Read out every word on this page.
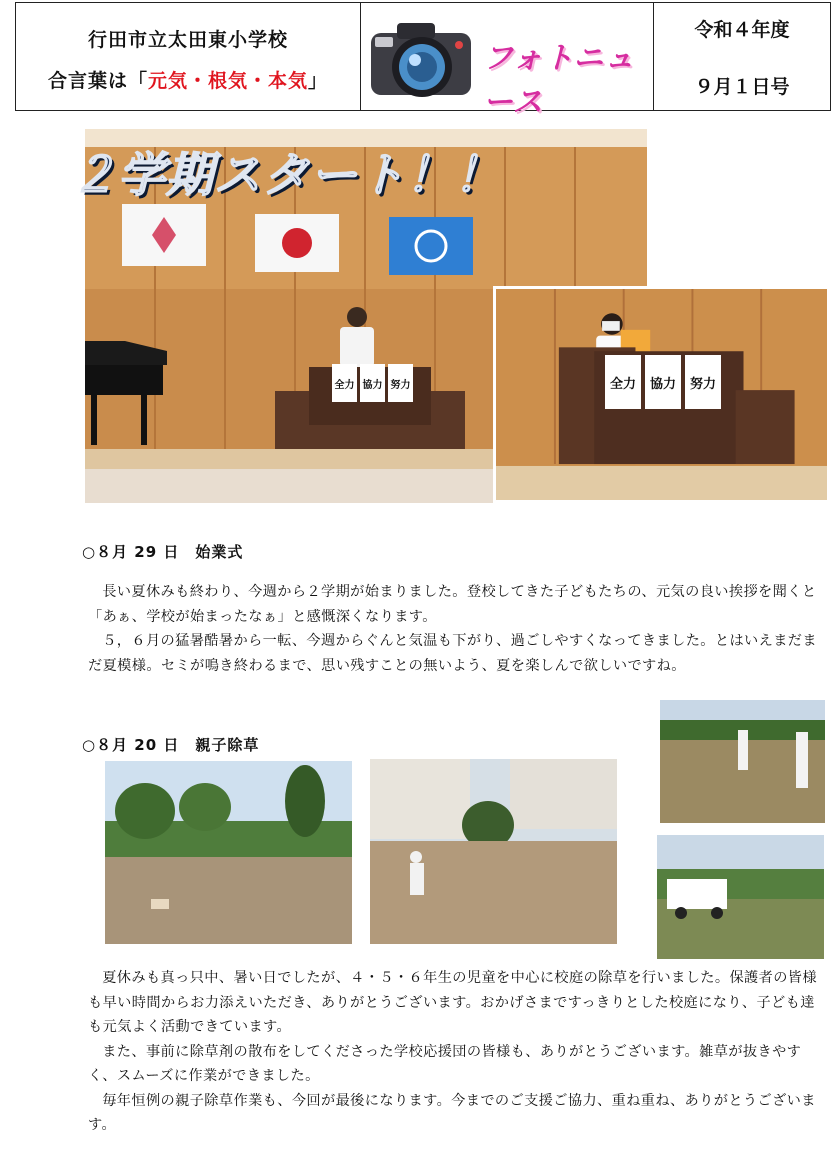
行田市立太田東小学校
合言葉は「元気・根気・本気」
フォトニュース
令和４年度
９月１日号
全力 協力 努力
２学期スタート！！
全力	協力	努力
○８月 29 日　始業式

長い夏休みも終わり、今週から２学期が始まりました。登校してきた子どもたちの、元気の良い挨拶を聞くと「あぁ、学校が始まったなぁ」と感慨深くなります。

５，６月の猛暑酷暑から一転、今週からぐんと気温も下がり、過ごしやすくなってきました。とはいえまだまだ夏模様。セミが鳴き終わるまで、思い残すことの無いよう、夏を楽しんで欲しいですね。

○８月 20 日　親子除草

夏休みも真っ只中、暑い日でしたが、４・５・６年生の児童を中心に校庭の除草を行いました。保護者の皆様も早い時間からお力添えいただき、ありがとうございます。おかげさまですっきりとした校庭になり、子ども達も元気よく活動できています。

また、事前に除草剤の散布をしてくださった学校応援団の皆様も、ありがとうございます。雑草が抜きやすく、スムーズに作業ができました。

毎年恒例の親子除草作業も、今回が最後になります。今までのご支援ご協力、重ね重ね、ありがとうございます。
